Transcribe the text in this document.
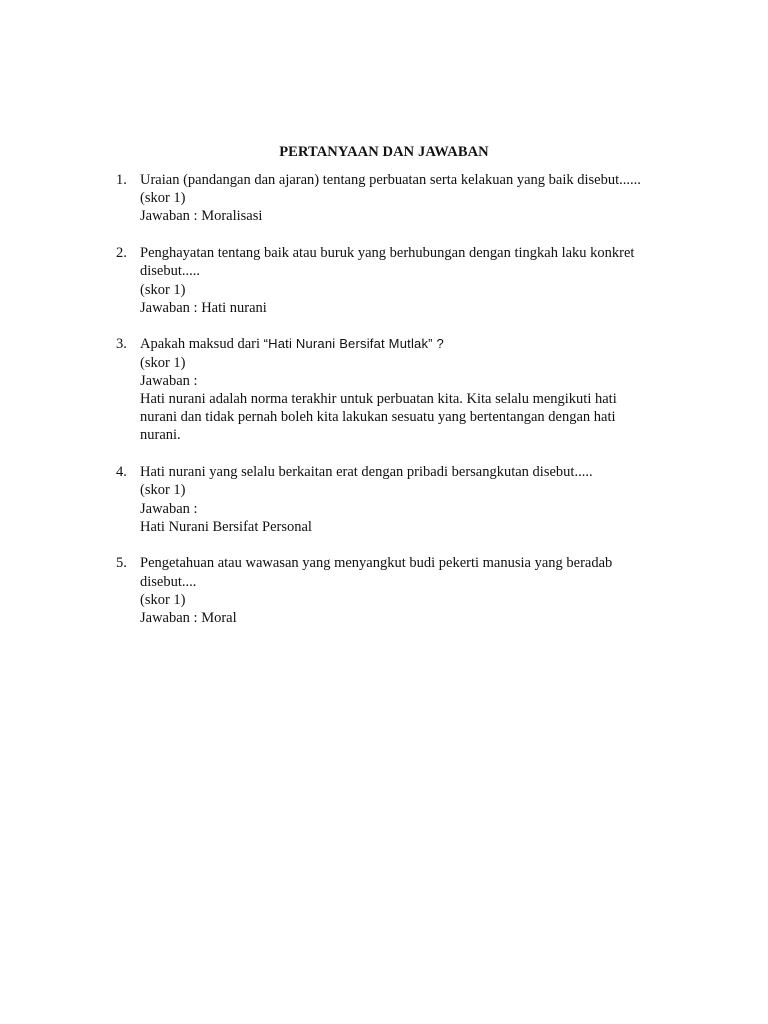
PERTANYAAN DAN JAWABAN
1. Uraian (pandangan dan ajaran) tentang perbuatan serta kelakuan yang baik disebut......
(skor 1)
Jawaban : Moralisasi
2. Penghayatan tentang baik atau buruk yang berhubungan dengan tingkah laku konkret
disebut.....
(skor 1)
Jawaban : Hati nurani
3. Apakah maksud dari “Hati Nurani Bersifat Mutlak” ?
(skor 1)
Jawaban :
Hati nurani adalah norma terakhir untuk perbuatan kita. Kita selalu mengikuti hati
nurani dan tidak pernah boleh kita lakukan sesuatu yang bertentangan dengan hati
nurani.
4. Hati nurani yang selalu berkaitan erat dengan pribadi bersangkutan disebut.....
(skor 1)
Jawaban :
Hati Nurani Bersifat Personal
5. Pengetahuan atau wawasan yang menyangkut budi pekerti manusia yang beradab
disebut....
(skor 1)
Jawaban : Moral
